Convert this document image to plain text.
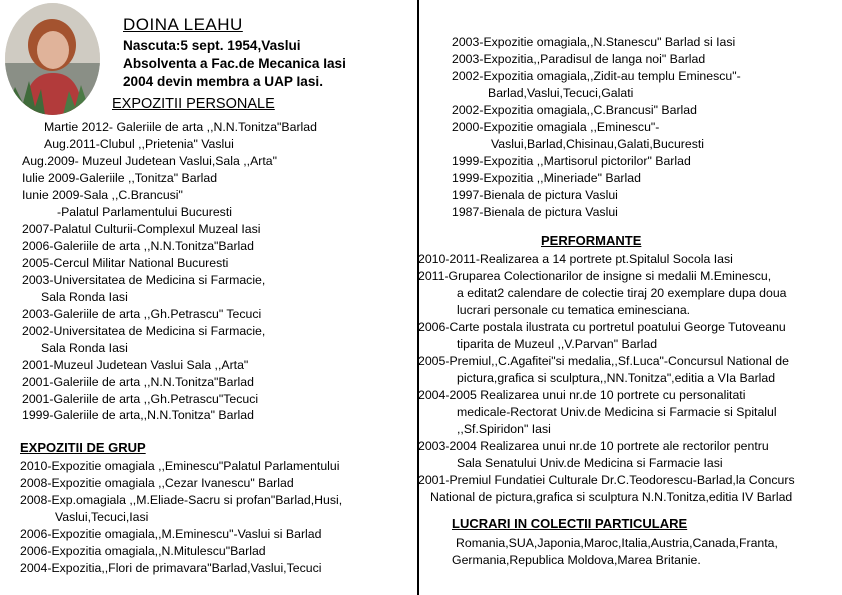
DOINA LEAHU
Nascuta:5 sept. 1954,Vaslui
Absolventa a Fac.de Mecanica Iasi
2004 devin membra a UAP Iasi.
EXPOZITII PERSONALE
Martie 2012- Galeriile de arta ,,N.N.Tonitza"Barlad
Aug.2011-Clubul ,,Prietenia" Vaslui
Aug.2009- Muzeul Judetean Vaslui,Sala ,,Arta"
Iulie 2009-Galeriile ,,Tonitza" Barlad
Iunie 2009-Sala ,,C.Brancusi"
-Palatul Parlamentului Bucuresti
2007-Palatul Culturii-Complexul Muzeal Iasi
2006-Galeriile de arta ,,N.N.Tonitza"Barlad
2005-Cercul Militar National Bucuresti
2003-Universitatea de Medicina si Farmacie,
Sala Ronda Iasi
2003-Galeriile de arta ,,Gh.Petrascu" Tecuci
2002-Universitatea de Medicina si Farmacie,
Sala Ronda Iasi
2001-Muzeul Judetean Vaslui Sala ,,Arta"
2001-Galeriile de arta ,,N.N.Tonitza"Barlad
2001-Galeriile de arta ,,Gh.Petrascu"Tecuci
1999-Galeriile de arta,,N.N.Tonitza" Barlad
EXPOZITII DE GRUP
2010-Expozitie omagiala ,,Eminescu"Palatul Parlamentului
2008-Expozitie omagiala ,,Cezar Ivanescu" Barlad
2008-Exp.omagiala ,,M.Eliade-Sacru si profan"Barlad,Husi,
Vaslui,Tecuci,Iasi
2006-Expozitie omagiala,,M.Eminescu"-Vaslui si Barlad
2006-Expozitia omagiala,,N.Mitulescu"Barlad
2004-Expozitia,,Flori de primavara"Barlad,Vaslui,Tecuci
2003-Expozitie omagiala,,N.Stanescu" Barlad si Iasi
2003-Expozitia,,Paradisul de langa noi" Barlad
2002-Expozitia omagiala,,Zidit-au templu Eminescu"-
Barlad,Vaslui,Tecuci,Galati
2002-Expozitia omagiala,,C.Brancusi" Barlad
2000-Expozitie omagiala ,,Eminescu"-
Vaslui,Barlad,Chisinau,Galati,Bucuresti
1999-Expozitia ,,Martisorul pictorilor" Barlad
1999-Expozitia ,,Mineriade" Barlad
1997-Bienala de pictura Vaslui
1987-Bienala de pictura Vaslui
PERFORMANTE
2010-2011-Realizarea a 14 portrete pt.Spitalul Socola Iasi
2011-Gruparea Colectionarilor de insigne si medalii M.Eminescu,
a editat2 calendare de colectie tiraj 20 exemplare dupa doua
lucrari personale cu tematica eminesciana.
2006-Carte postala ilustrata cu portretul poatului George Tutoveanu
tiparita de Muzeul ,,V.Parvan" Barlad
2005-Premiul,,C.Agafitei"si medalia,,Sf.Luca"-Concursul National de
pictura,grafica si sculptura,,NN.Tonitza",editia a VIa Barlad
2004-2005 Realizarea unui nr.de 10 portrete cu personalitati
medicale-Rectorat Univ.de Medicina si Farmacie si Spitalul
,,Sf.Spiridon" Iasi
2003-2004 Realizarea unui nr.de 10 portrete ale rectorilor pentru
Sala Senatului Univ.de Medicina si Farmacie Iasi
2001-Premiul Fundatiei Culturale Dr.C.Teodorescu-Barlad,la Concurs
National de pictura,grafica si sculptura N.N.Tonitza,editia IV Barlad
LUCRARI IN COLECTII PARTICULARE
Romania,SUA,Japonia,Maroc,Italia,Austria,Canada,Franta,
Germania,Republica Moldova,Marea Britanie.
